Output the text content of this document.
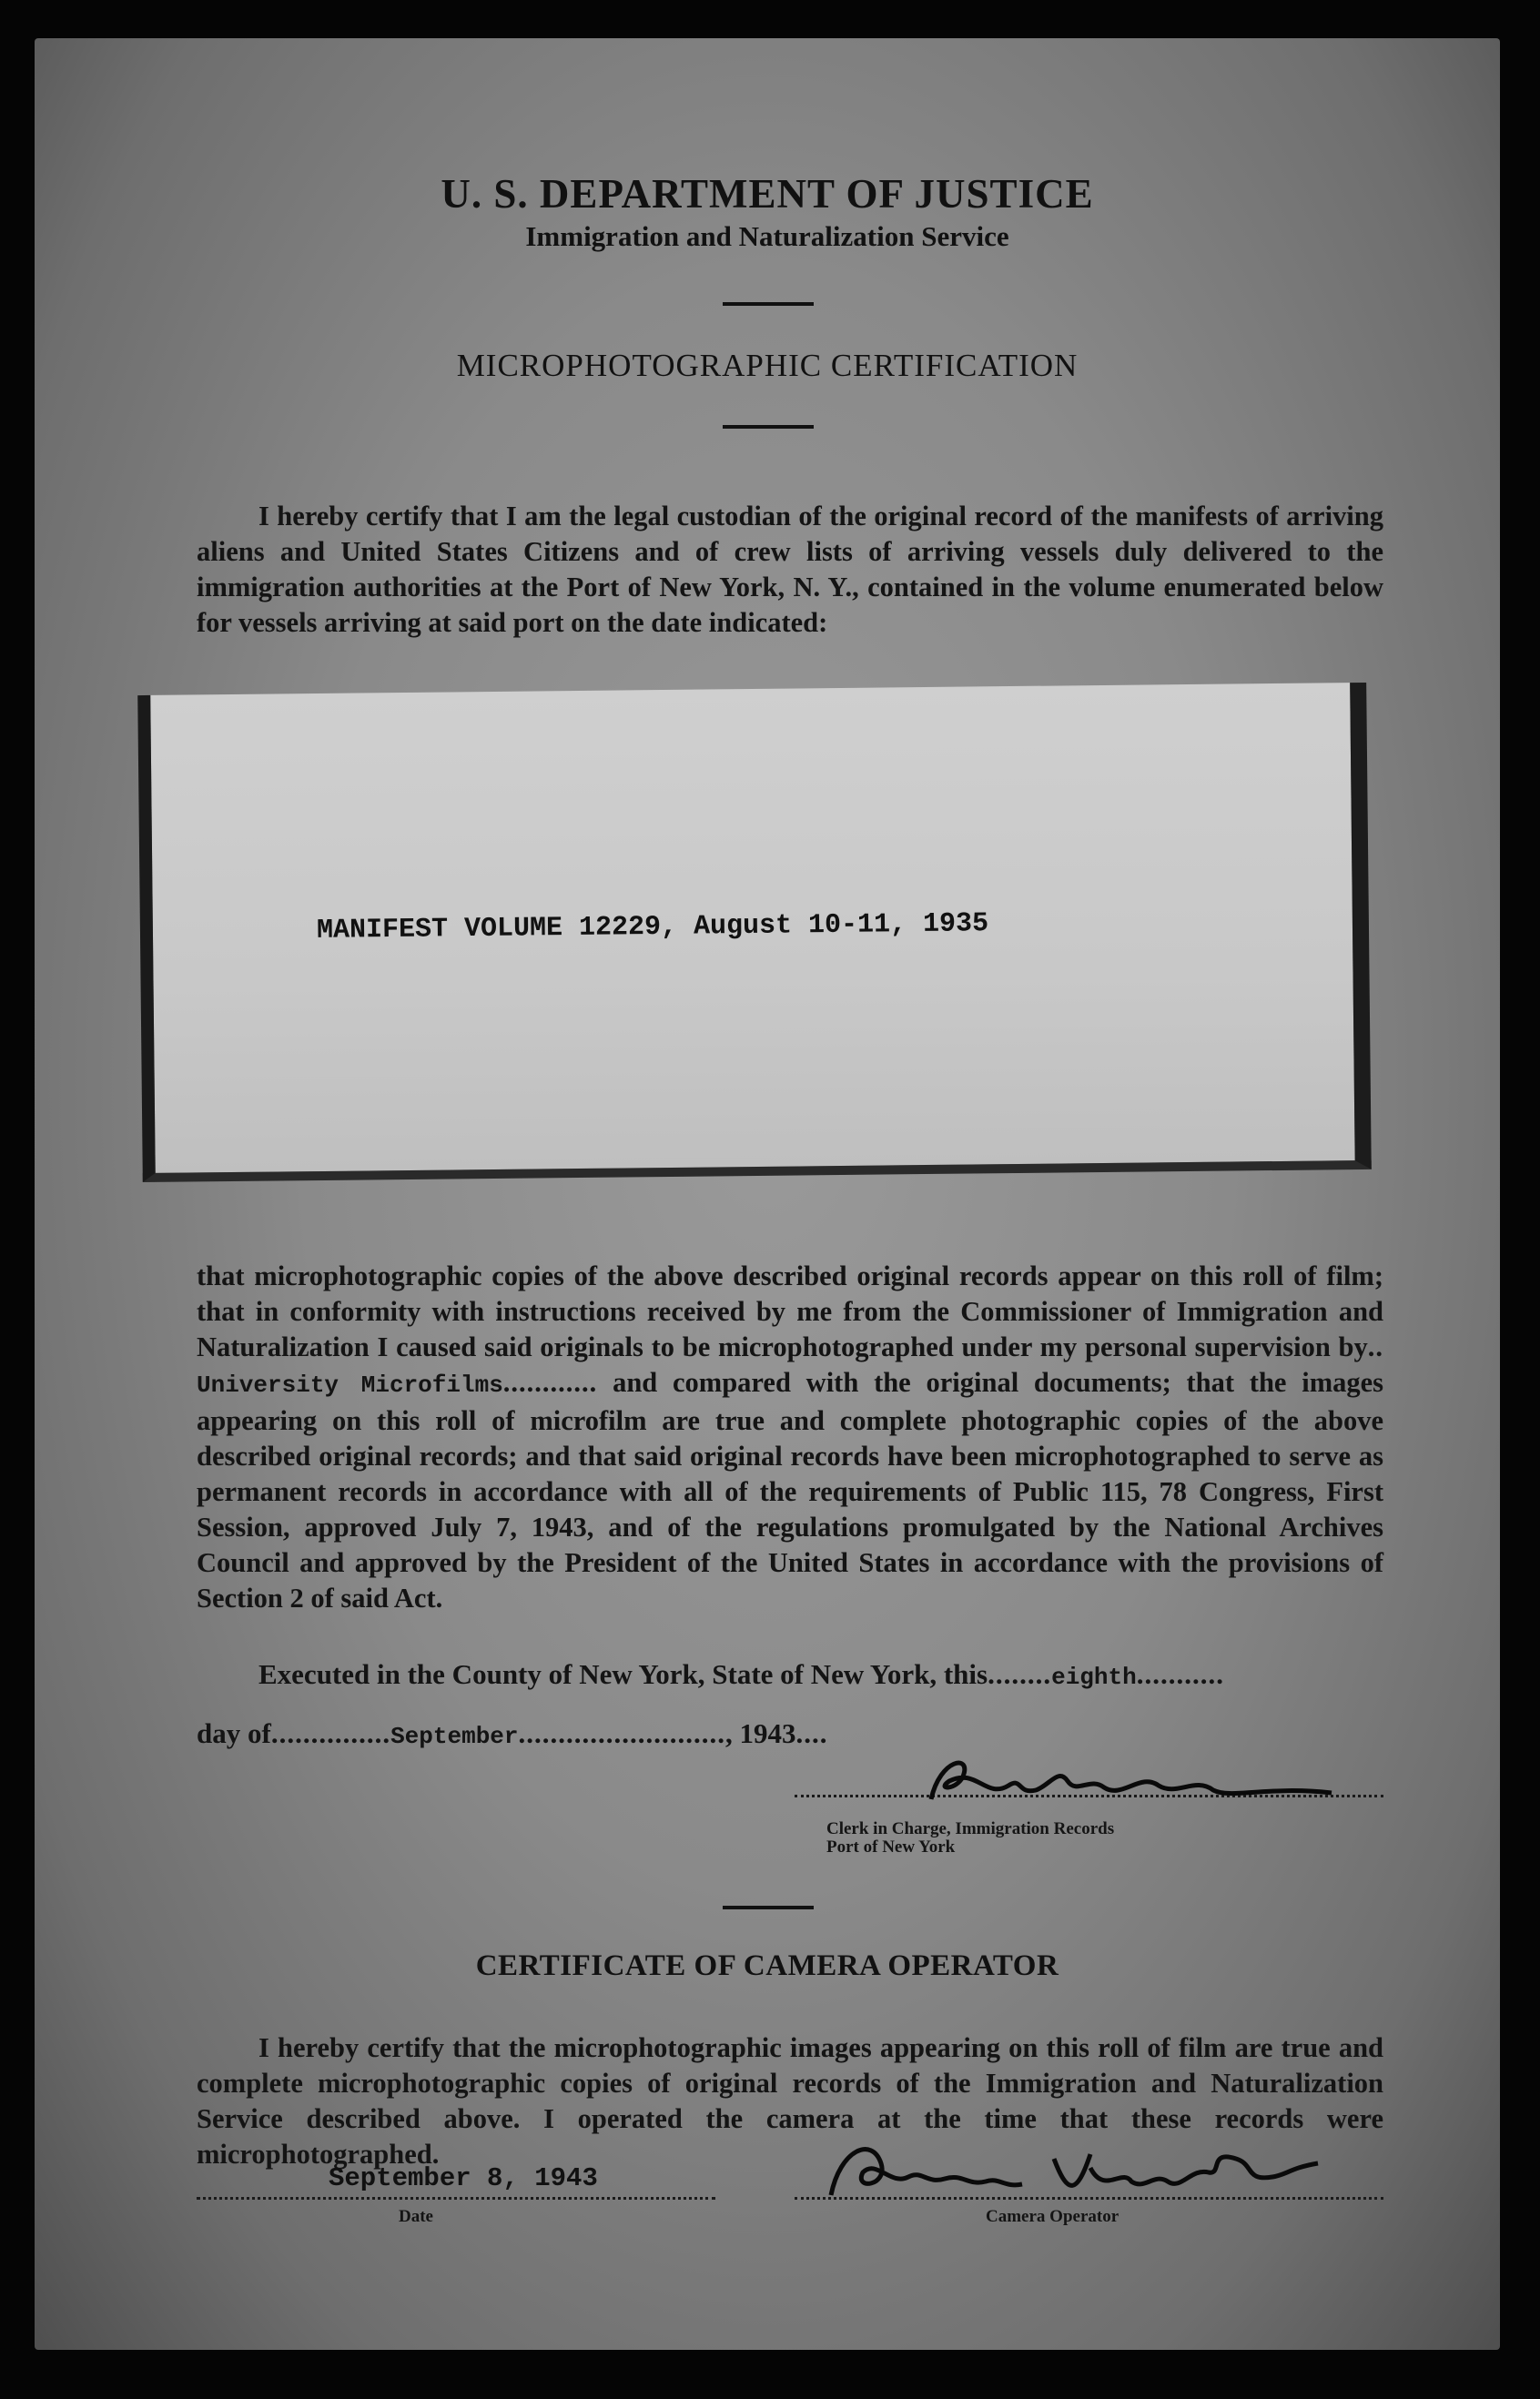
U. S. DEPARTMENT OF JUSTICE
Immigration and Naturalization Service
MICROPHOTOGRAPHIC CERTIFICATION

I hereby certify that I am the legal custodian of the original record of the manifests of arriving aliens and United States Citizens and of crew lists of arriving vessels duly delivered to the immigration authorities at the Port of New York, N. Y., contained in the volume enumerated below for vessels arriving at said port on the date indicated:

MANIFEST VOLUME 12229, August 10-11, 1935

that microphotographic copies of the above described original records appear on this roll of film; that in conformity with instructions received by me from the Commissioner of Immigration and Naturalization I caused said originals to be microphotographed under my personal supervision by.. University Microfilms............ and compared with the original documents; that the images appearing on this roll of microfilm are true and complete photographic copies of the above described original records; and that said original records have been microphotographed to serve as permanent records in accordance with all of the requirements of Public 115, 78 Congress, First Session, approved July 7, 1943, and of the regulations promulgated by the National Archives Council and approved by the President of the United States in accordance with the provisions of Section 2 of said Act.

Executed in the County of New York, State of New York, this........eighth...........
day of...............September.........................., 1943....
Clerk in Charge, Immigration Records
Port of New York
CERTIFICATE OF CAMERA OPERATOR

I hereby certify that the microphotographic images appearing on this roll of film are true and complete microphotographic copies of original records of the Immigration and Naturalization Service described above. I operated the camera at the time that these records were microphotographed.

September 8, 1943
Date	Camera Operator
